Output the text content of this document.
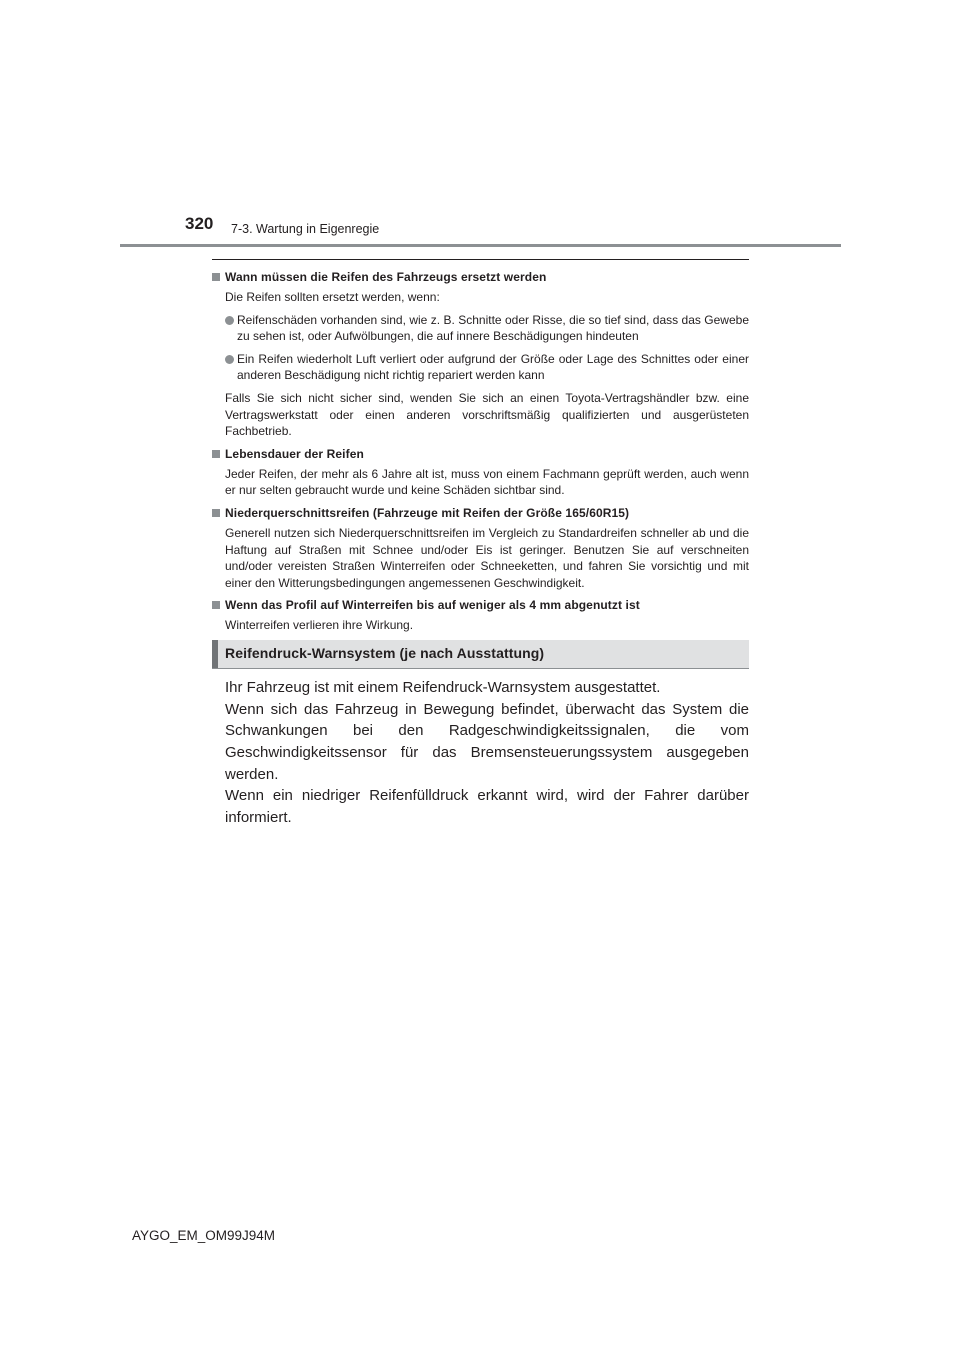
320 7-3. Wartung in Eigenregie
Wann müssen die Reifen des Fahrzeugs ersetzt werden
Die Reifen sollten ersetzt werden, wenn:
Reifenschäden vorhanden sind, wie z. B. Schnitte oder Risse, die so tief sind, dass das Gewebe zu sehen ist, oder Aufwölbungen, die auf innere Beschädigungen hindeuten
Ein Reifen wiederholt Luft verliert oder aufgrund der Größe oder Lage des Schnittes oder einer anderen Beschädigung nicht richtig repariert werden kann
Falls Sie sich nicht sicher sind, wenden Sie sich an einen Toyota-Vertragshändler bzw. eine Vertragswerkstatt oder einen anderen vorschriftsmäßig qualifizierten und ausgerüsteten Fachbetrieb.
Lebensdauer der Reifen
Jeder Reifen, der mehr als 6 Jahre alt ist, muss von einem Fachmann geprüft werden, auch wenn er nur selten gebraucht wurde und keine Schäden sichtbar sind.
Niederquerschnittsreifen (Fahrzeuge mit Reifen der Größe 165/60R15)
Generell nutzen sich Niederquerschnittsreifen im Vergleich zu Standardreifen schneller ab und die Haftung auf Straßen mit Schnee und/oder Eis ist geringer. Benutzen Sie auf verschneiten und/oder vereisten Straßen Winterreifen oder Schneeketten, und fahren Sie vorsichtig und mit einer den Witterungsbedingungen angemessenen Geschwindigkeit.
Wenn das Profil auf Winterreifen bis auf weniger als 4 mm abgenutzt ist
Winterreifen verlieren ihre Wirkung.
Reifendruck-Warnsystem (je nach Ausstattung)

Ihr Fahrzeug ist mit einem Reifendruck-Warnsystem ausgestattet.

Wenn sich das Fahrzeug in Bewegung befindet, überwacht das System die Schwankungen bei den Radgeschwindigkeitssignalen, die vom Geschwindigkeitssensor für das Bremsensteuerungssystem ausgegeben werden.

Wenn ein niedriger Reifenfülldruck erkannt wird, wird der Fahrer darüber informiert.

AYGO_EM_OM99J94M
